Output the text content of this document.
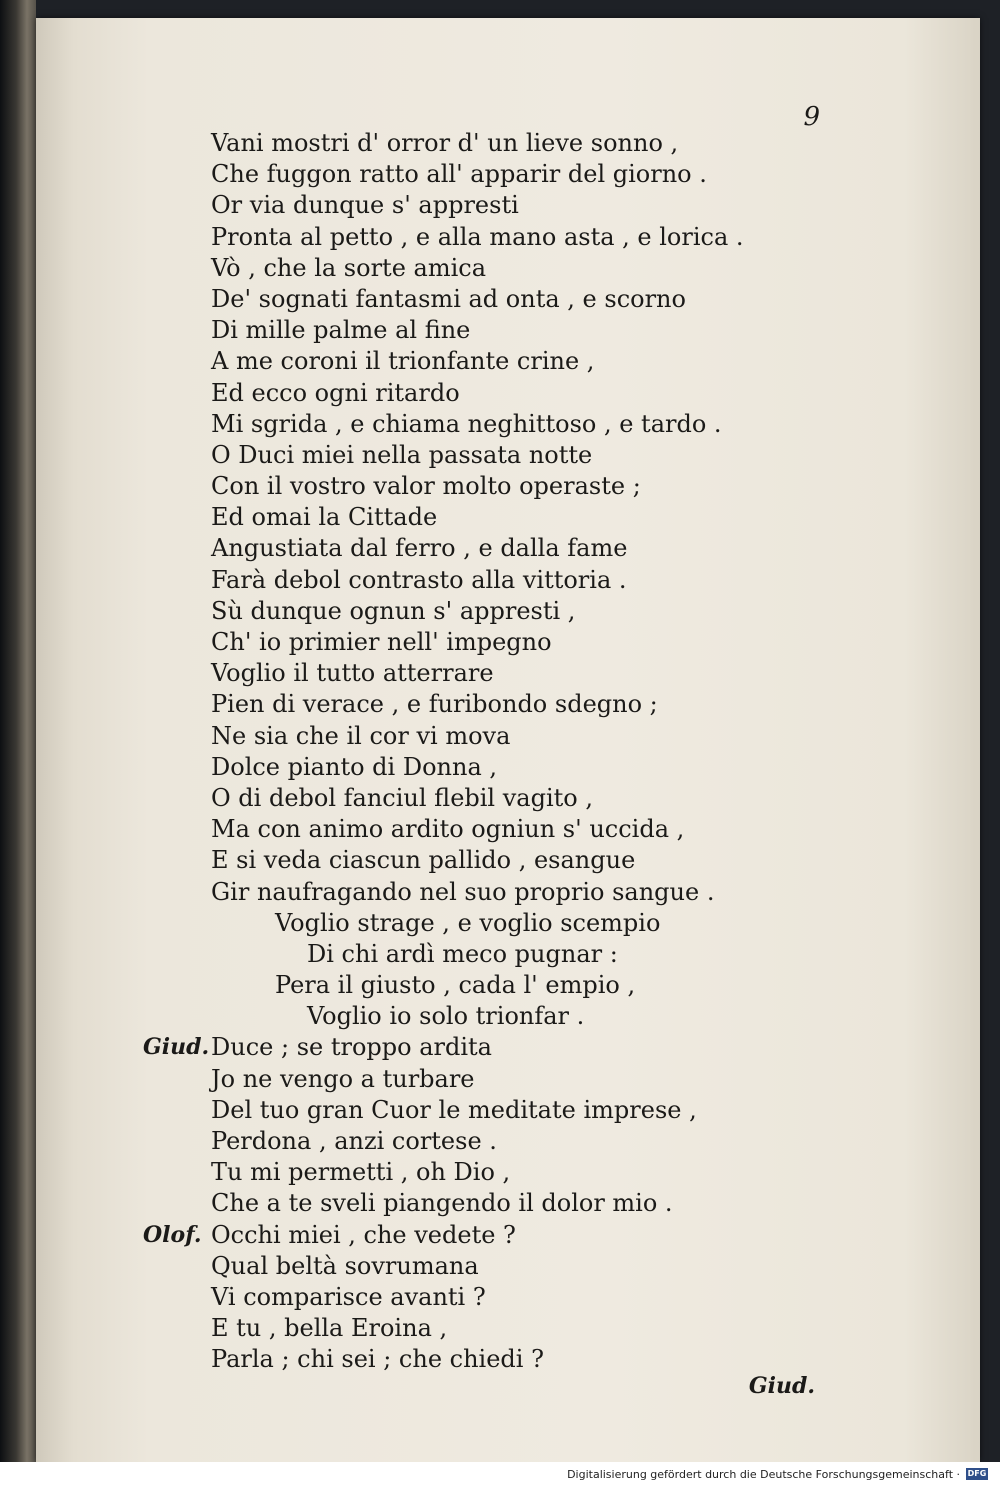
9
Vani mostri d' orror d' un lieve sonno ,
Che fuggon ratto all' apparir del giorno .
Or via dunque s' appresti
Pronta al petto , e alla mano asta , e lorica .
Vò , che la sorte amica
De' sognati fantasmi ad onta , e scorno
Di mille palme al fine
A me coroni il trionfante crine ,
Ed ecco ogni ritardo
Mi sgrida , e chiama neghittoso , e tardo .
O Duci miei nella passata notte
Con il vostro valor molto operaste ;
Ed omai la Cittade
Angustiata dal ferro , e dalla fame
Farà debol contrasto alla vittoria .
Sù dunque ognun s' appresti ,
Ch' io primier nell' impegno
Voglio il tutto atterrare
Pien di verace , e furibondo sdegno ;
Ne sia che il cor vi mova
Dolce pianto di Donna ,
O di debol fanciul flebil vagito ,
Ma con animo ardito ogniun s' uccida ,
E si veda ciascun pallido , esangue
Gir naufragando nel suo proprio sangue .
Voglio strage , e voglio scempio
Di chi ardì meco pugnar :
Pera il giusto , cada l' empio ,
Voglio io solo trionfar .
Giud. Duce ; se troppo ardita
Jo ne vengo a turbare
Del tuo gran Cuor le meditate imprese ,
Perdona , anzi cortese .
Tu mi permetti , oh Dio ,
Che a te sveli piangendo il dolor mio .
Olof. Occhi miei , che vedete ?
Qual beltà sovrumana
Vi comparisce avanti ?
E tu , bella Eroina ,
Parla ; chi sei ; che chiedi ?
Giud.
Digitalisierung gefördert durch die Deutsche Forschungsgemeinschaft · DFG
